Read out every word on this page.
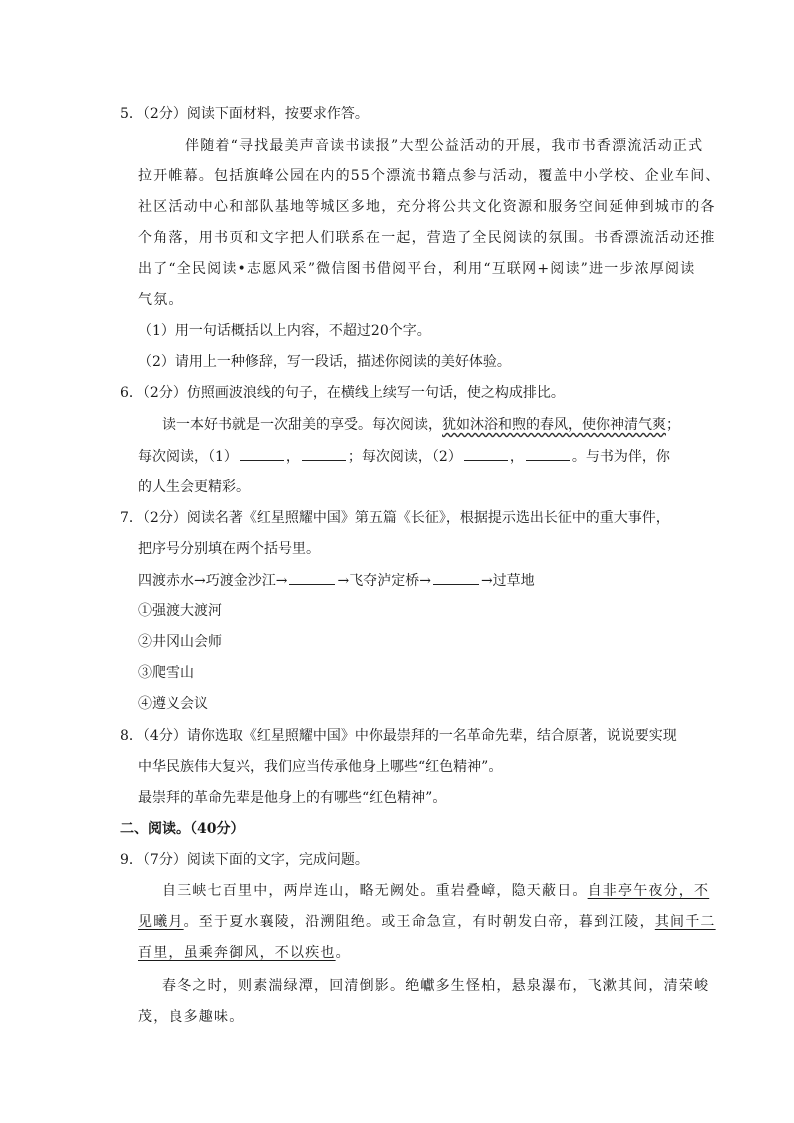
5．（2分）阅读下面材料，按要求作答。
伴随着“寻找最美声音读书读报”大型公益活动的开展，我市书香漂流活动正式
拉开帷幕。包括旗峰公园在内的55个漂流书籍点参与活动，覆盖中小学校、企业车间、
社区活动中心和部队基地等城区多地，充分将公共文化资源和服务空间延伸到城市的各
个角落，用书页和文字把人们联系在一起，营造了全民阅读的氛围。书香漂流活动还推
出了“全民阅读•志愿风采”微信图书借阅平台，利用“互联网+阅读”进一步浓厚阅读
气氛。
（1）用一句话概括以上内容，不超过20个字。
（2）请用上一种修辞，写一段话，描述你阅读的美好体验。
6．（2分）仿照画波浪线的句子，在横线上续写一句话，使之构成排比。
读一本好书就是一次甜美的享受。每次阅读，犹如沐浴和煦的春风，使你神清气爽；
每次阅读，（1）	，	；每次阅读，（2）	，	。与书为伴，你
的人生会更精彩。
7．（2分）阅读名著《红星照耀中国》第五篇《长征》，根据提示选出长征中的重大事件，
把序号分别填在两个括号里。
四渡赤水→巧渡金沙江→	→飞夺泸定桥→	→过草地
①强渡大渡河
②井冈山会师
③爬雪山
④遵义会议
8．（4分）请你选取《红星照耀中国》中你最崇拜的一名革命先辈，结合原著，说说要实现
中华民族伟大复兴，我们应当传承他身上哪些“红色精神”。
最崇拜的革命先辈是他身上的有哪些“红色精神”。
二、阅读。（40分）
9．（7分）阅读下面的文字，完成问题。
自三峡七百里中，两岸连山，略无阙处。重岩叠嶂，隐天蔽日。自非亭午夜分，不
见曦月。至于夏水襄陵，沿溯阻绝。或王命急宣，有时朝发白帝，暮到江陵，其间千二
百里，虽乘奔御风，不以疾也。
春冬之时，则素湍绿潭，回清倒影。绝巘多生怪柏，悬泉瀑布，飞漱其间，清荣峻
茂，良多趣味。
